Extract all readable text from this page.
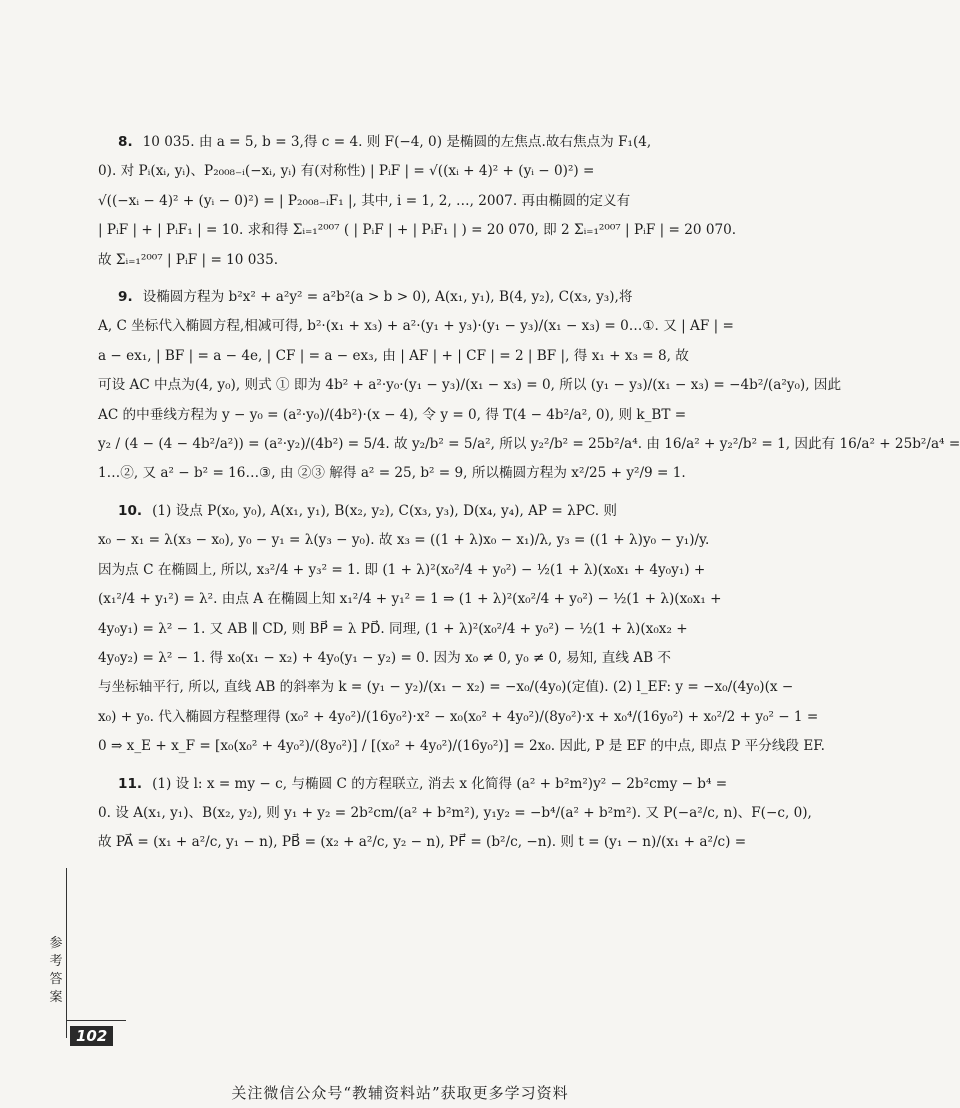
8. 10 035. 由 a = 5, b = 3,得 c = 4. 则 F(−4, 0) 是椭圆的左焦点.故右焦点为 F₁(4,
0). 对 Pᵢ(xᵢ, yᵢ)、P₂₀₀₈₋ᵢ(−xᵢ, yᵢ) 有(对称性) | PᵢF | = √((xᵢ + 4)² + (yᵢ − 0)²) =
√((−xᵢ − 4)² + (yᵢ − 0)²) = | P₂₀₀₈₋ᵢF₁ |, 其中, i = 1, 2, …, 2007. 再由椭圆的定义有
| PᵢF | + | PᵢF₁ | = 10. 求和得 Σᵢ₌₁²⁰⁰⁷ ( | PᵢF | + | PᵢF₁ | ) = 20 070, 即 2 Σᵢ₌₁²⁰⁰⁷ | PᵢF | = 20 070.
故 Σᵢ₌₁²⁰⁰⁷ | PᵢF | = 10 035.
9. 设椭圆方程为 b²x² + a²y² = a²b²(a > b > 0), A(x₁, y₁), B(4, y₂), C(x₃, y₃),将
A, C 坐标代入椭圆方程,相减可得, b²·(x₁ + x₃) + a²·(y₁ + y₃)·(y₁ − y₃)/(x₁ − x₃) = 0…①. 又 | AF | =
a − ex₁, | BF | = a − 4e, | CF | = a − ex₃, 由 | AF | + | CF | = 2 | BF |, 得 x₁ + x₃ = 8, 故
可设 AC 中点为(4, y₀), 则式 ① 即为 4b² + a²·y₀·(y₁ − y₃)/(x₁ − x₃) = 0, 所以 (y₁ − y₃)/(x₁ − x₃) = −4b²/(a²y₀), 因此
AC 的中垂线方程为 y − y₀ = (a²·y₀)/(4b²)·(x − 4), 令 y = 0, 得 T(4 − 4b²/a², 0), 则 k_BT =
y₂ / (4 − (4 − 4b²/a²)) = (a²·y₂)/(4b²) = 5/4. 故 y₂/b² = 5/a², 所以 y₂²/b² = 25b²/a⁴. 由 16/a² + y₂²/b² = 1, 因此有 16/a² + 25b²/a⁴ =
1…②, 又 a² − b² = 16…③, 由 ②③ 解得 a² = 25, b² = 9, 所以椭圆方程为 x²/25 + y²/9 = 1.
10. (1) 设点 P(x₀, y₀), A(x₁, y₁), B(x₂, y₂), C(x₃, y₃), D(x₄, y₄), AP = λPC. 则
x₀ − x₁ = λ(x₃ − x₀), y₀ − y₁ = λ(y₃ − y₀). 故 x₃ = ((1 + λ)x₀ − x₁)/λ, y₃ = ((1 + λ)y₀ − y₁)/y.
因为点 C 在椭圆上, 所以, x₃²/4 + y₃² = 1. 即 (1 + λ)²(x₀²/4 + y₀²) − ½(1 + λ)(x₀x₁ + 4y₀y₁) +
(x₁²/4 + y₁²) = λ². 由点 A 在椭圆上知 x₁²/4 + y₁² = 1 ⇒ (1 + λ)²(x₀²/4 + y₀²) − ½(1 + λ)(x₀x₁ +
4y₀y₁) = λ² − 1. 又 AB ∥ CD, 则 BP⃗ = λ PD⃗. 同理, (1 + λ)²(x₀²/4 + y₀²) − ½(1 + λ)(x₀x₂ +
4y₀y₂) = λ² − 1. 得 x₀(x₁ − x₂) + 4y₀(y₁ − y₂) = 0. 因为 x₀ ≠ 0, y₀ ≠ 0, 易知, 直线 AB 不
与坐标轴平行, 所以, 直线 AB 的斜率为 k = (y₁ − y₂)/(x₁ − x₂) = −x₀/(4y₀)(定值). (2) l_EF: y = −x₀/(4y₀)(x −
x₀) + y₀. 代入椭圆方程整理得 (x₀² + 4y₀²)/(16y₀²)·x² − x₀(x₀² + 4y₀²)/(8y₀²)·x + x₀⁴/(16y₀²) + x₀²/2 + y₀² − 1 =
0 ⇒ x_E + x_F = [x₀(x₀² + 4y₀²)/(8y₀²)] / [(x₀² + 4y₀²)/(16y₀²)] = 2x₀. 因此, P 是 EF 的中点, 即点 P 平分线段 EF.
11. (1) 设 l: x = my − c, 与椭圆 C 的方程联立, 消去 x 化简得 (a² + b²m²)y² − 2b²cmy − b⁴ =
0. 设 A(x₁, y₁)、B(x₂, y₂), 则 y₁ + y₂ = 2b²cm/(a² + b²m²), y₁y₂ = −b⁴/(a² + b²m²). 又 P(−a²/c, n)、F(−c, 0),
故 PA⃗ = (x₁ + a²/c, y₁ − n), PB⃗ = (x₂ + a²/c, y₂ − n), PF⃗ = (b²/c, −n). 则 t = (y₁ − n)/(x₁ + a²/c) =
参考答案
102
关注微信公众号“教辅资料站”获取更多学习资料
